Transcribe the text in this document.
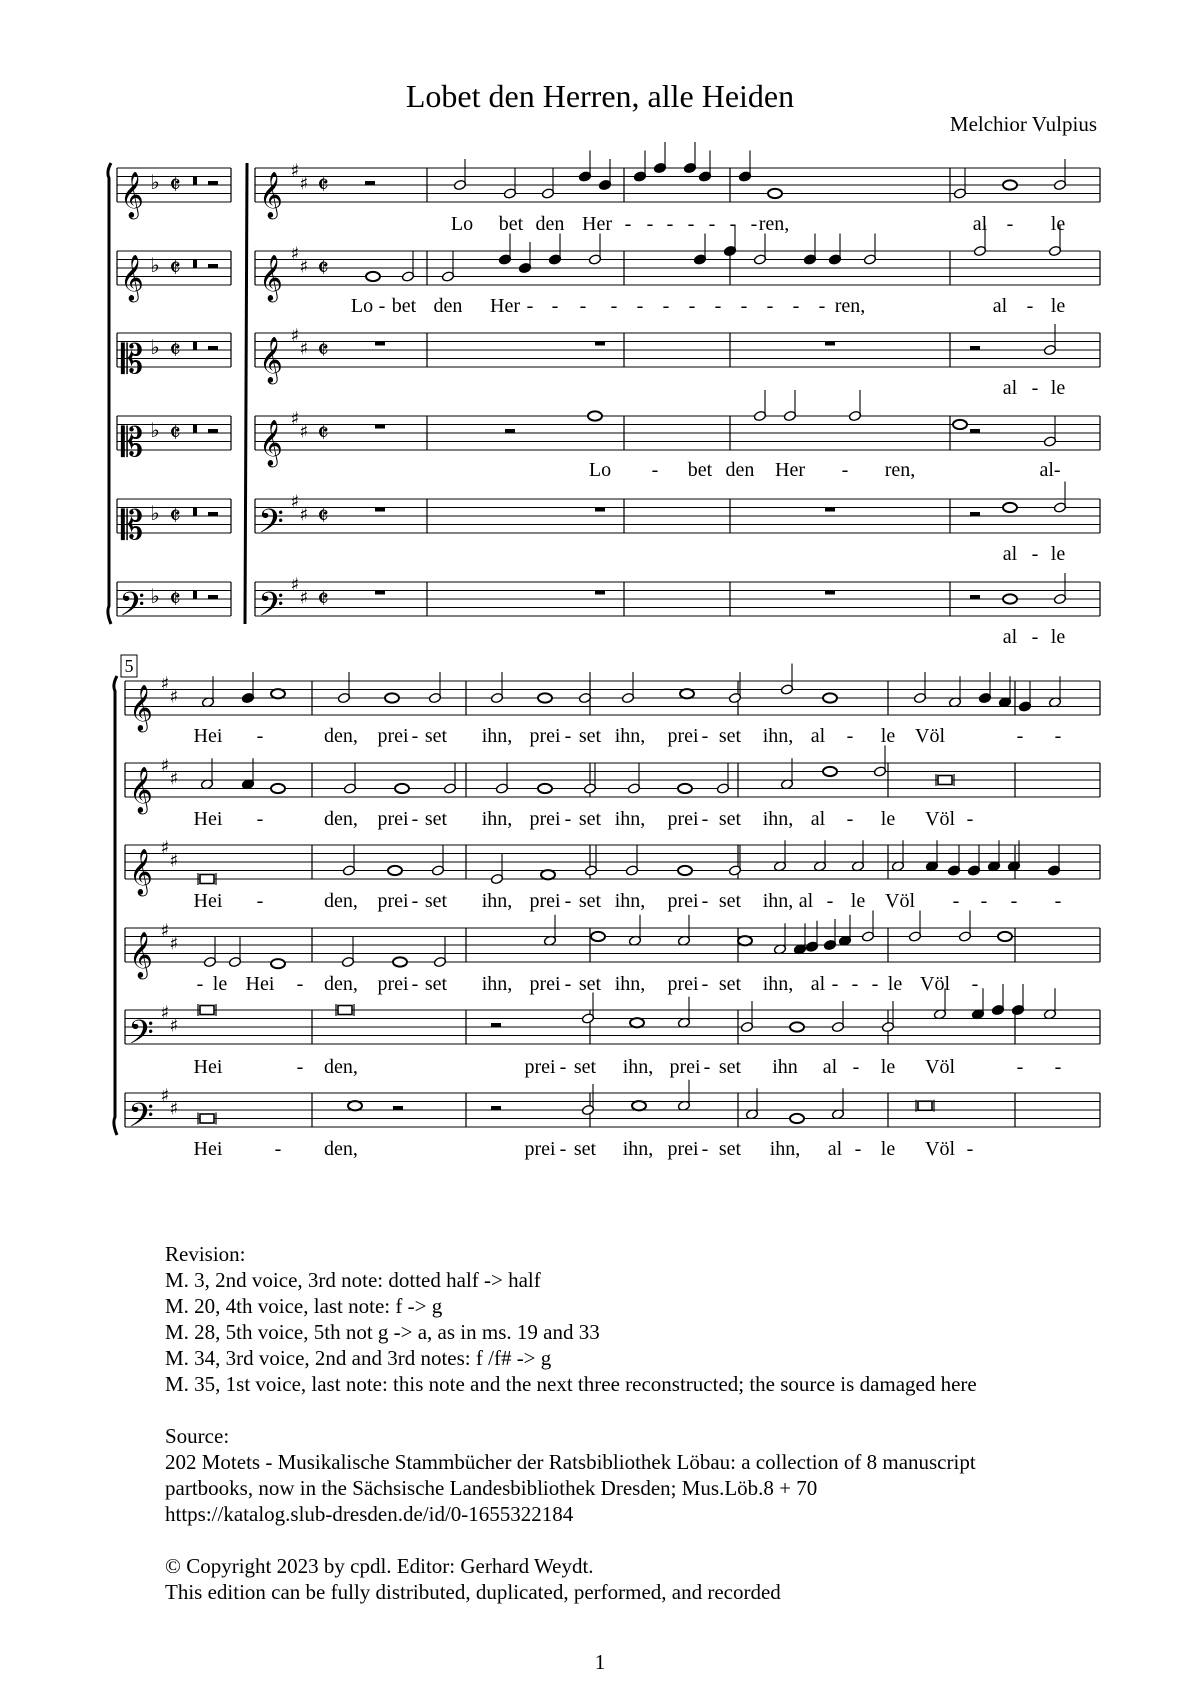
Lobet den Herren, alle Heiden
Melchior Vulpius
𝄞 ♭ 𝄵 𝄞
♯
♯ 𝄵
𝄞 ♭ 𝄵 𝄞
♯
♯ 𝄵
𝄡 ♭ 𝄵 𝄞
♯
♯ 𝄵
𝄡 ♭ 𝄵 𝄞
♯
♯ 𝄵
𝄡 ♭ 𝄵 𝄢
♯
♯ 𝄵
𝄢 ♭ 𝄵 𝄢
♯
♯ 𝄵
Lo bet den Her - - - - - - - ren,	al - le
Lo - bet den Her - - - - - - - - - - - - ren,	al - le
al - le
Lo - bet den Her - ren,	al-
al - le
al - le
5
𝄞
♯
♯
𝄞
♯
♯
𝄞
♯
♯
𝄞
♯
♯
𝄢
♯
♯
𝄢
♯
♯
Hei -	den, prei - set ihn, prei - set ihn, prei - set ihn, al - le Völ	- -
Hei -	den, prei - set ihn, prei - set ihn, prei - set ihn, al - le Völ -
Hei -	den, prei - set ihn, prei - set ihn, prei - set ihn, al - le Völ - - - -
- le Hei - den, prei - set ihn, prei - set ihn, prei - set ihn, al - - - le Völ -
Hei	- den,	prei - set ihn, prei - set ihn al - le Völ	- -
Hei	- den,	prei - set ihn, prei - set ihn, al - le Völ -

Revision:

M. 3, 2nd voice, 3rd note: dotted half -> half

M. 20, 4th voice, last note: f -> g

M. 28, 5th voice, 5th not g -> a, as in ms. 19 and 33

M. 34, 3rd voice, 2nd and 3rd notes: f /f# -> g

M. 35, 1st voice, last note: this note and the next three reconstructed; the source is damaged here

Source:

202 Motets - Musikalische Stammbücher der Ratsbibliothek Löbau: a collection of 8 manuscript

partbooks, now in the Sächsische Landesbibliothek Dresden; Mus.Löb.8 + 70

https://katalog.slub-dresden.de/id/0-1655322184

© Copyright 2023 by cpdl. Editor: Gerhard Weydt.

This edition can be fully distributed, duplicated, performed, and recorded

1
